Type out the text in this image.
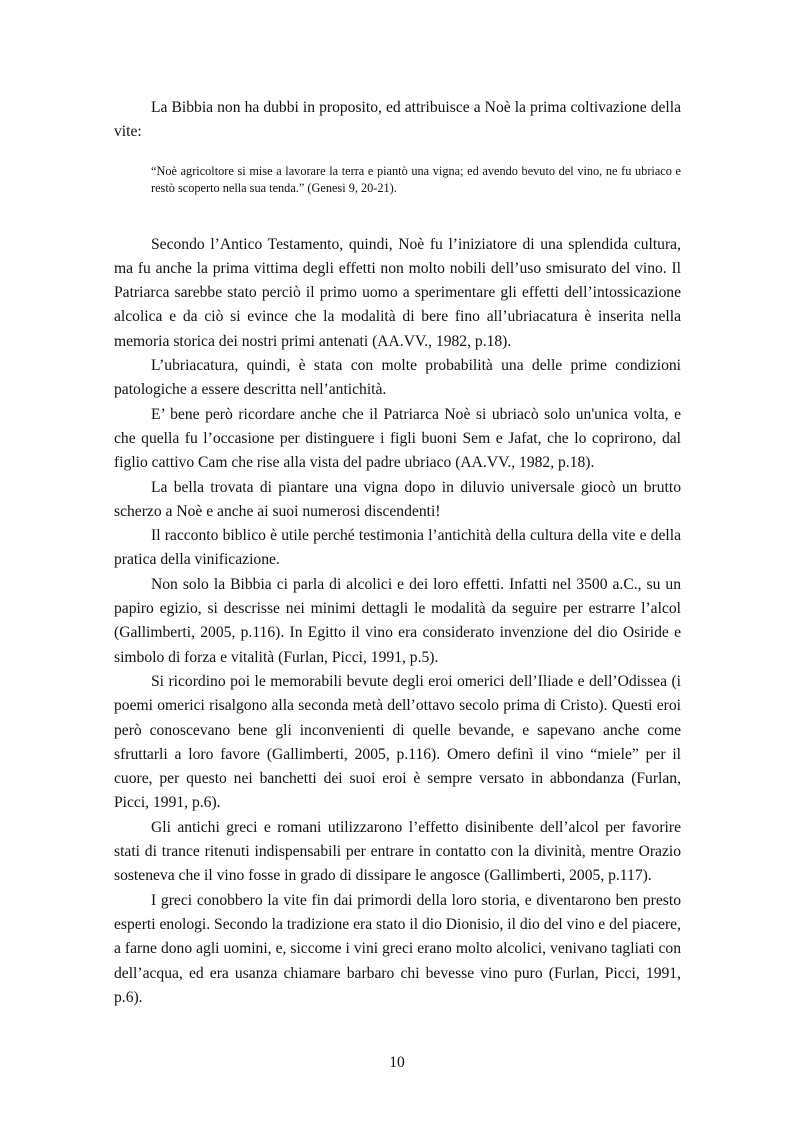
La Bibbia non ha dubbi in proposito, ed attribuisce a Noè la prima coltivazione della vite:

“Noè agricoltore si mise a lavorare la terra e piantò una vigna; ed avendo bevuto del vino, ne fu ubriaco e restò scoperto nella sua tenda.” (Genesi 9, 20-21).

Secondo l’Antico Testamento, quindi, Noè fu l’iniziatore di una splendida cultura, ma fu anche la prima vittima degli effetti non molto nobili dell’uso smisurato del vino. Il Patriarca sarebbe stato perciò il primo uomo a sperimentare gli effetti dell’intossicazione alcolica e da ciò si evince che la modalità di bere fino all’ubriacatura è inserita nella memoria storica dei nostri primi antenati (AA.VV., 1982, p.18).

L’ubriacatura, quindi, è stata con molte probabilità una delle prime condizioni patologiche a essere descritta nell’antichità.

E’ bene però ricordare anche che il Patriarca Noè si ubriacò solo un'unica volta, e che quella fu l’occasione per distinguere i figli buoni Sem e Jafat, che lo coprirono, dal figlio cattivo Cam che rise alla vista del padre ubriaco (AA.VV., 1982, p.18).

La bella trovata di piantare una vigna dopo in diluvio universale giocò un brutto scherzo a Noè e anche ai suoi numerosi discendenti!

Il racconto biblico è utile perché testimonia l’antichità della cultura della vite e della pratica della vinificazione.

Non solo la Bibbia ci parla di alcolici e dei loro effetti. Infatti nel 3500 a.C., su un papiro egizio, si descrisse nei minimi dettagli le modalità da seguire per estrarre l’alcol (Gallimberti, 2005, p.116). In Egitto il vino era considerato invenzione del dio Osiride e simbolo di forza e vitalità (Furlan, Picci, 1991, p.5).

Si ricordino poi le memorabili bevute degli eroi omerici dell’Iliade e dell’Odissea (i poemi omerici risalgono alla seconda metà dell’ottavo secolo prima di Cristo). Questi eroi però conoscevano bene gli inconvenienti di quelle bevande, e sapevano anche come sfruttarli a loro favore (Gallimberti, 2005, p.116). Omero definì il vino “miele” per il cuore, per questo nei banchetti dei suoi eroi è sempre versato in abbondanza (Furlan, Picci, 1991, p.6).

Gli antichi greci e romani utilizzarono l’effetto disinibente dell’alcol per favorire stati di trance ritenuti indispensabili per entrare in contatto con la divinità, mentre Orazio sosteneva che il vino fosse in grado di dissipare le angosce (Gallimberti, 2005, p.117).

I greci conobbero la vite fin dai primordi della loro storia, e diventarono ben presto esperti enologi. Secondo la tradizione era stato il dio Dionisio, il dio del vino e del piacere, a farne dono agli uomini, e, siccome i vini greci erano molto alcolici, venivano tagliati con dell’acqua, ed era usanza chiamare barbaro chi bevesse vino puro (Furlan, Picci, 1991, p.6).

10
